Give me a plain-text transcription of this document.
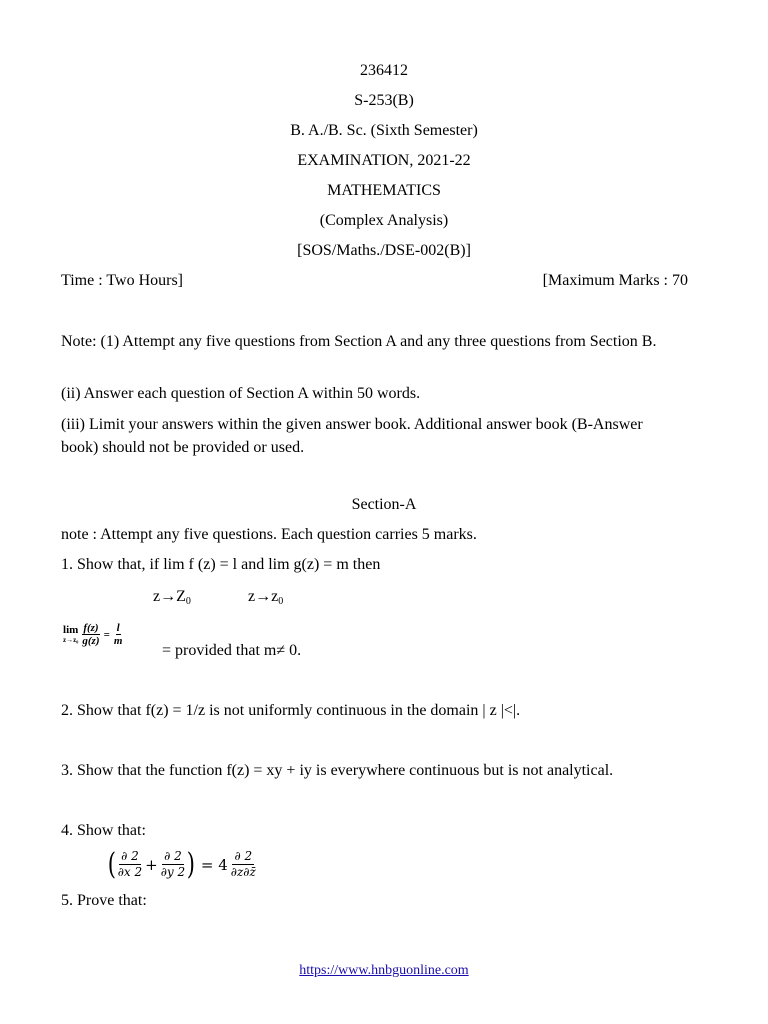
236412
S-253(B)
B. A./B. Sc. (Sixth Semester)
EXAMINATION, 2021-22
MATHEMATICS
(Complex Analysis)
[SOS/Maths./DSE-002(B)]
Time : Two Hours]	[Maximum Marks : 70
Note: (1) Attempt any five questions from Section A and any three questions from Section B.
(ii) Answer each question of Section A within 50 words.
(iii) Limit your answers within the given answer book. Additional answer book (B-Answer book) should not be provided or used.
Section-A
note : Attempt any five questions. Each question carries 5 marks.
1. Show that, if lim f (z) = l and lim g(z) = m then
$z\to Z_0$	$z\to z_0$
lim
$z\to z_0 \frac{f(z)}{g(z)} = \frac{l}{m}$
= provided that m≠ 0.
2. Show that f(z) = 1/z is not uniformly continuous in the domain | z |<|.
3. Show that the function f(z) = xy + iy is everywhere continuous but is not analytical.
4. Show that:
( ∂ 2
∂x $2 + \frac{\partial 2}{\partial y 2}$ ) = 4 ∂ 2
∂z∂z̄
5. Prove that:
https://www.hnbguonline.com
